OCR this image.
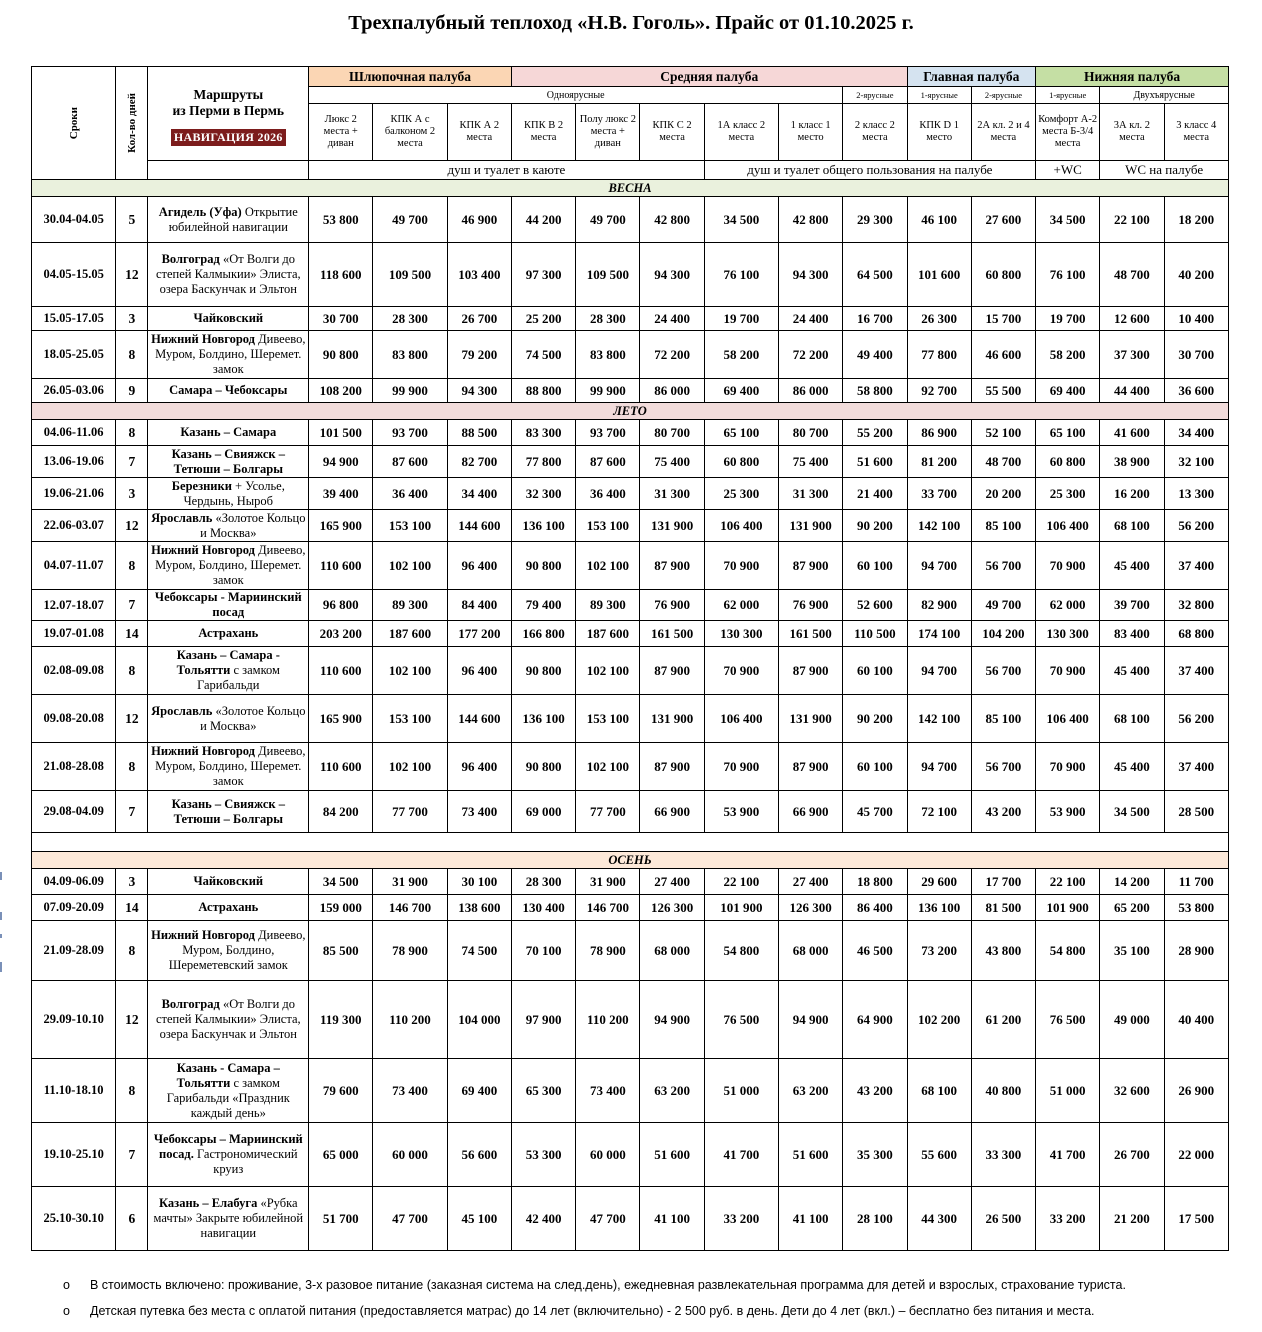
Трехпалубный теплоход «Н.В. Гоголь». Прайс от 01.10.2025 г.
Сроки	Кол-во дней	Маршруты
из Перми в Пермь
НАВИГАЦИЯ 2026	Шлюпочная палуба			Средняя палуба						Главная палуба		Нижняя палуба		
			Одноярусные								2-ярусные	1-ярусные	2-ярусные	1-ярусные	Двухъярусные	
			Люкс 2 места + диван	КПК А с балконом 2 места	КПК А 2 места	КПК В 2 места	Полу люкс 2 места + диван	КПК С 2 места	1А класс 2 места	1 класс 1 место	2 класс 2 места	КПК D 1 место	2А кл. 2 и 4 места	Комфорт А-2 места Б-3/4 места	3А кл. 2 места	3 класс 4 места
			душ и туалет в каюте						душ и туалет общего пользования на палубе					+WC	WC на палубе	
ВЕСНА																
30.04-04.05	5	Агидель (Уфа) Открытие юбилейной навигации	53 800	49 700	46 900	44 200	49 700	42 800	34 500	42 800	29 300	46 100	27 600	34 500	22 100	18 200
04.05-15.05	12	Волгоград «От Волги до степей Калмыкии» Элиста, озера Баскунчак и Эльтон	118 600	109 500	103 400	97 300	109 500	94 300	76 100	94 300	64 500	101 600	60 800	76 100	48 700	40 200
15.05-17.05	3	Чайковский	30 700	28 300	26 700	25 200	28 300	24 400	19 700	24 400	16 700	26 300	15 700	19 700	12 600	10 400
18.05-25.05	8	Нижний Новгород Дивеево, Муром, Болдино, Шеремет. замок	90 800	83 800	79 200	74 500	83 800	72 200	58 200	72 200	49 400	77 800	46 600	58 200	37 300	30 700
26.05-03.06	9	Самара – Чебоксары	108 200	99 900	94 300	88 800	99 900	86 000	69 400	86 000	58 800	92 700	55 500	69 400	44 400	36 600
ЛЕТО																
04.06-11.06	8	Казань – Самара	101 500	93 700	88 500	83 300	93 700	80 700	65 100	80 700	55 200	86 900	52 100	65 100	41 600	34 400
13.06-19.06	7	Казань – Свияжск – Тетюши – Болгары	94 900	87 600	82 700	77 800	87 600	75 400	60 800	75 400	51 600	81 200	48 700	60 800	38 900	32 100
19.06-21.06	3	Березники + Усолье, Чердынь, Ныроб	39 400	36 400	34 400	32 300	36 400	31 300	25 300	31 300	21 400	33 700	20 200	25 300	16 200	13 300
22.06-03.07	12	Ярославль «Золотое Кольцо и Москва»	165 900	153 100	144 600	136 100	153 100	131 900	106 400	131 900	90 200	142 100	85 100	106 400	68 100	56 200
04.07-11.07	8	Нижний Новгород Дивеево, Муром, Болдино, Шеремет. замок	110 600	102 100	96 400	90 800	102 100	87 900	70 900	87 900	60 100	94 700	56 700	70 900	45 400	37 400
12.07-18.07	7	Чебоксары - Мариинский посад	96 800	89 300	84 400	79 400	89 300	76 900	62 000	76 900	52 600	82 900	49 700	62 000	39 700	32 800
19.07-01.08	14	Астрахань	203 200	187 600	177 200	166 800	187 600	161 500	130 300	161 500	110 500	174 100	104 200	130 300	83 400	68 800
02.08-09.08	8	Казань – Самара - Тольятти с замком Гарибальди	110 600	102 100	96 400	90 800	102 100	87 900	70 900	87 900	60 100	94 700	56 700	70 900	45 400	37 400
09.08-20.08	12	Ярославль «Золотое Кольцо и Москва»	165 900	153 100	144 600	136 100	153 100	131 900	106 400	131 900	90 200	142 100	85 100	106 400	68 100	56 200
21.08-28.08	8	Нижний Новгород Дивеево, Муром, Болдино, Шеремет. замок	110 600	102 100	96 400	90 800	102 100	87 900	70 900	87 900	60 100	94 700	56 700	70 900	45 400	37 400
29.08-04.09	7	Казань – Свияжск – Тетюши – Болгары	84 200	77 700	73 400	69 000	77 700	66 900	53 900	66 900	45 700	72 100	43 200	53 900	34 500	28 500

ОСЕНЬ																
04.09-06.09	3	Чайковский	34 500	31 900	30 100	28 300	31 900	27 400	22 100	27 400	18 800	29 600	17 700	22 100	14 200	11 700
07.09-20.09	14	Астрахань	159 000	146 700	138 600	130 400	146 700	126 300	101 900	126 300	86 400	136 100	81 500	101 900	65 200	53 800
21.09-28.09	8	Нижний Новгород Дивеево, Муром, Болдино, Шереметевский замок	85 500	78 900	74 500	70 100	78 900	68 000	54 800	68 000	46 500	73 200	43 800	54 800	35 100	28 900
29.09-10.10	12	Волгоград «От Волги до степей Калмыкии» Элиста, озера Баскунчак и Эльтон	119 300	110 200	104 000	97 900	110 200	94 900	76 500	94 900	64 900	102 200	61 200	76 500	49 000	40 400
11.10-18.10	8	Казань - Самара – Тольятти с замком Гарибальди «Праздник каждый день»	79 600	73 400	69 400	65 300	73 400	63 200	51 000	63 200	43 200	68 100	40 800	51 000	32 600	26 900
19.10-25.10	7	Чебоксары – Мариинский посад. Гастрономический круиз	65 000	60 000	56 600	53 300	60 000	51 600	41 700	51 600	35 300	55 600	33 300	41 700	26 700	22 000
25.10-30.10	6	Казань – Елабуга «Рубка мачты» Закрыте юбилейной навигации	51 700	47 700	45 100	42 400	47 700	41 100	33 200	41 100	28 100	44 300	26 500	33 200	21 200	17 500
o В стоимость включено: проживание, 3-х разовое питание (заказная система на след.день), ежедневная развлекательная программа для детей и взрослых, страхование туриста.
o Детская путевка без места с оплатой питания (предоставляется матрас) до 14 лет (включительно) - 2 500 руб. в день. Дети до 4 лет (вкл.) – бесплатно без питания и места.
